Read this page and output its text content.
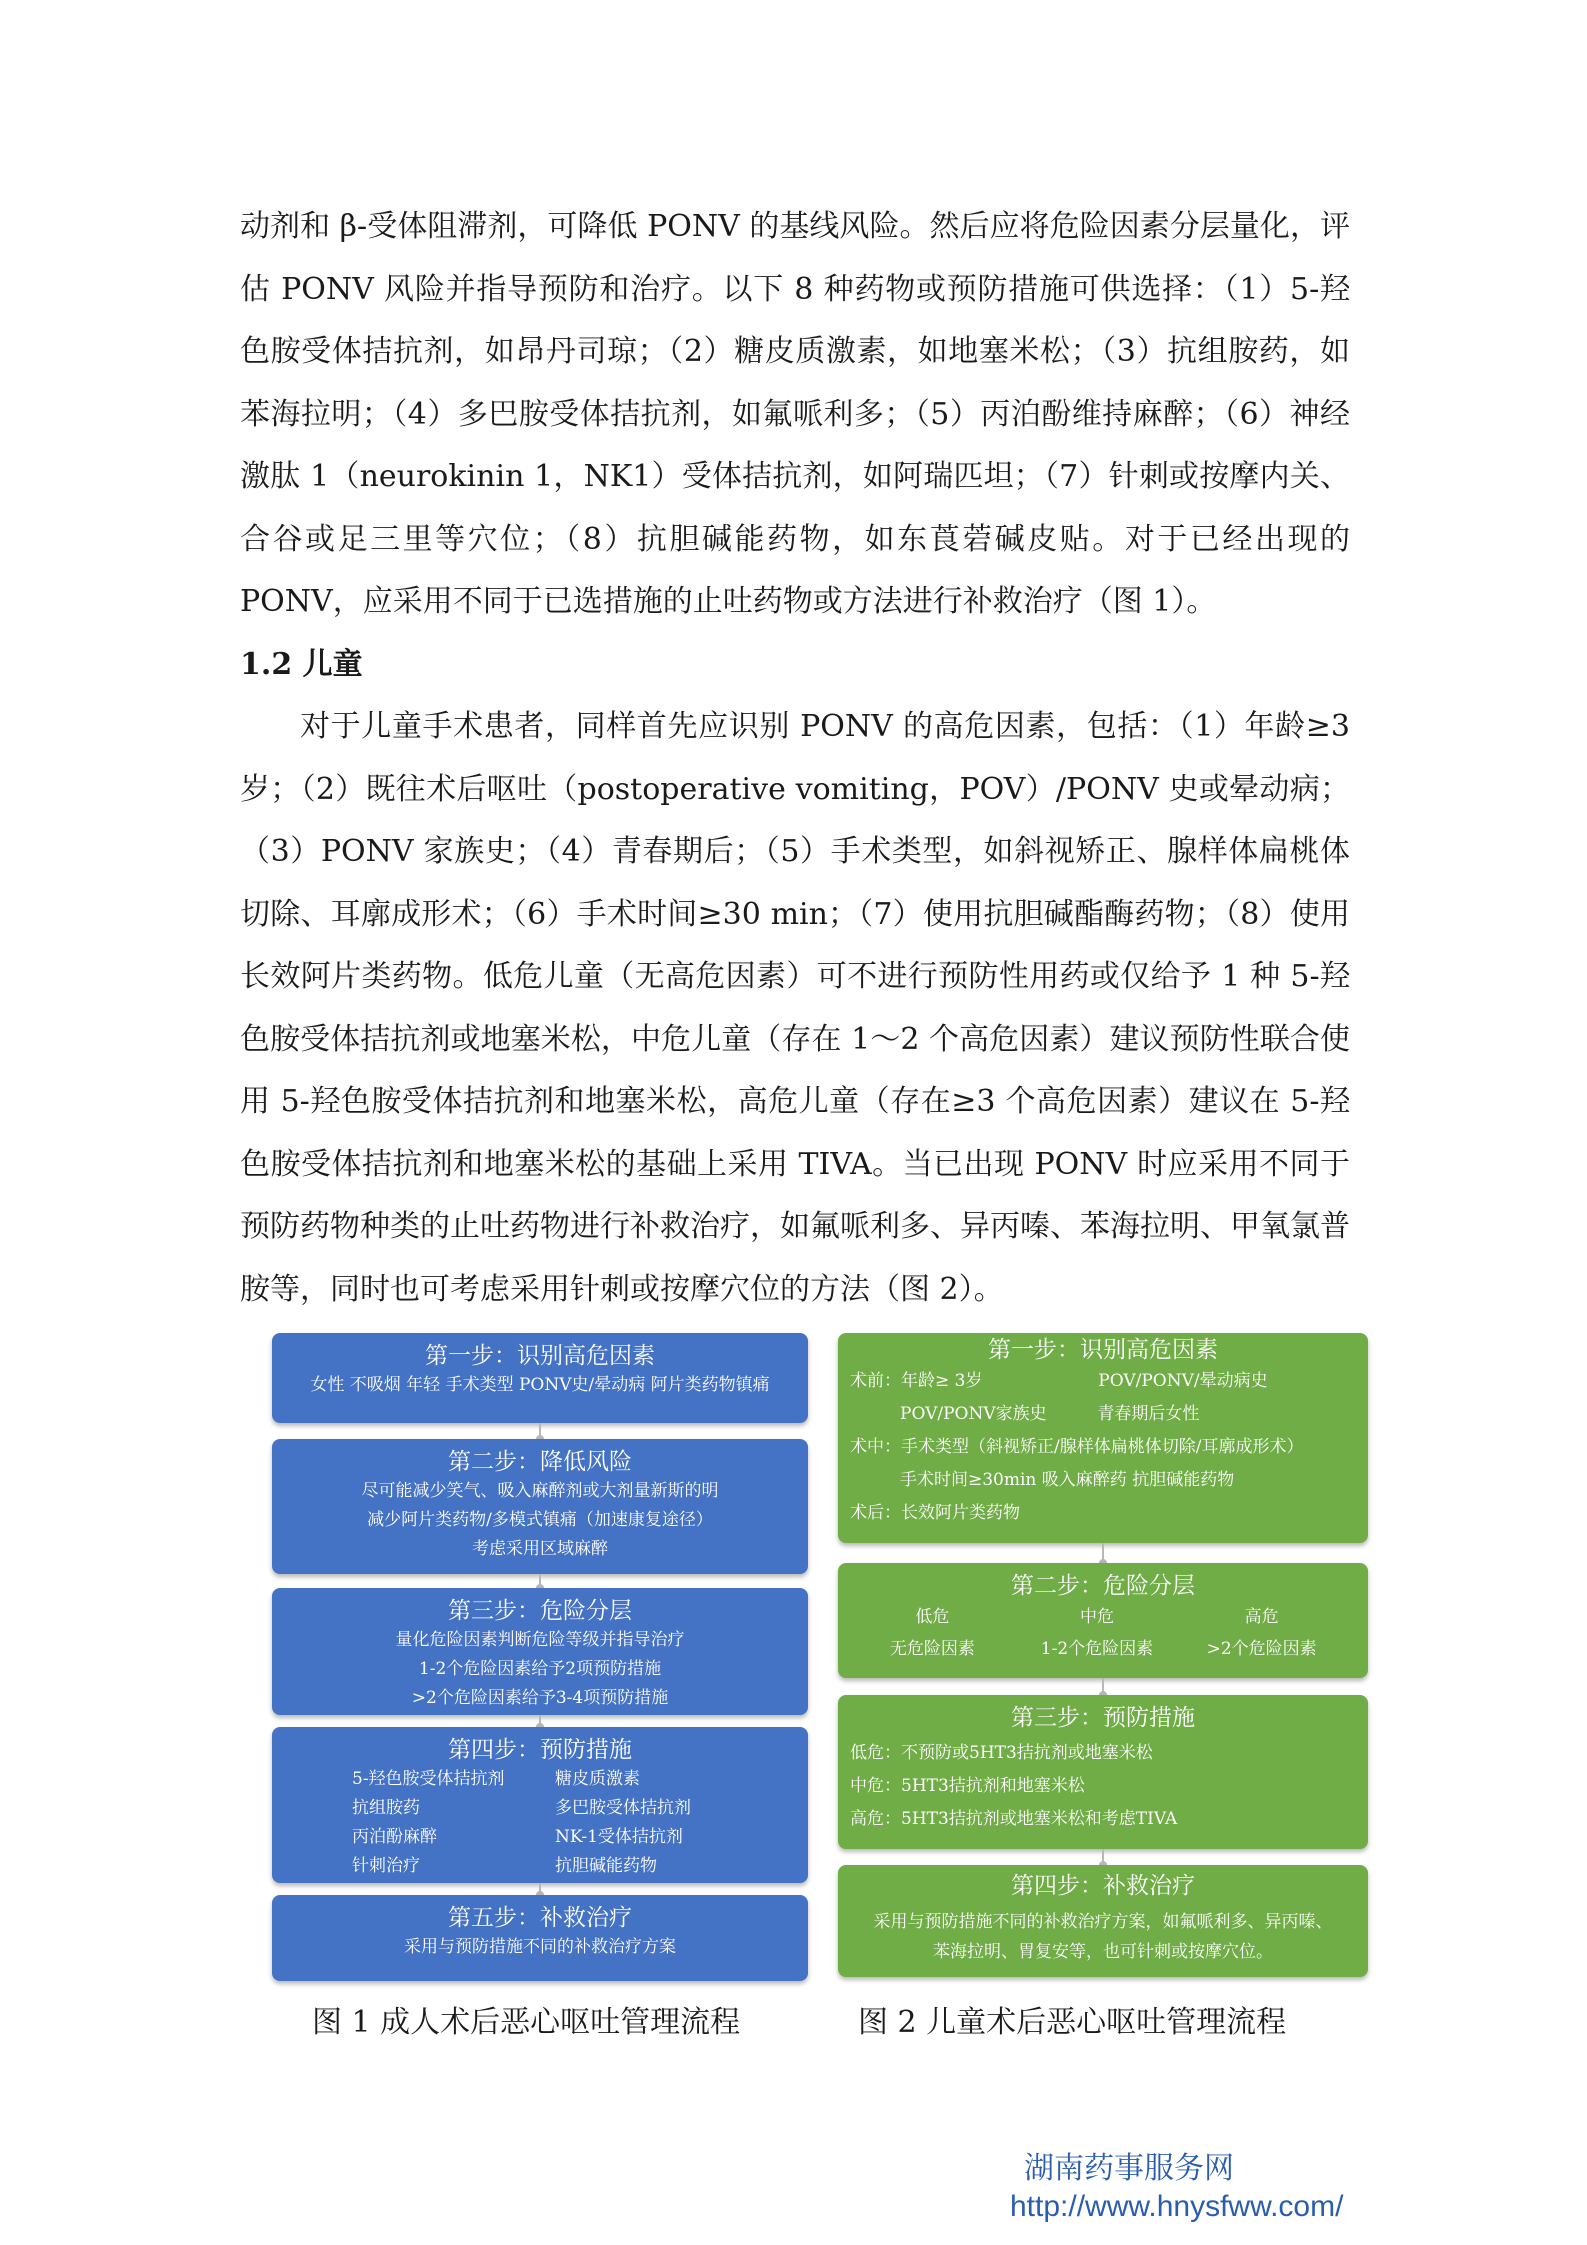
动剂和 β-受体阻滞剂，可降低 PONV 的基线风险。然后应将危险因素分层量化，评估 PONV 风险并指导预防和治疗。以下 8 种药物或预防措施可供选择：（1）5-羟色胺受体拮抗剂，如昂丹司琼；（2）糖皮质激素，如地塞米松；（3）抗组胺药，如苯海拉明；（4）多巴胺受体拮抗剂，如氟哌利多；（5）丙泊酚维持麻醉；（6）神经激肽 1（neurokinin 1，NK1）受体拮抗剂，如阿瑞匹坦；（7）针刺或按摩内关、合谷或足三里等穴位；（8）抗胆碱能药物，如东莨菪碱皮贴。对于已经出现的 PONV，应采用不同于已选措施的止吐药物或方法进行补救治疗（图 1）。

1.2 儿童

对于儿童手术患者，同样首先应识别 PONV 的高危因素，包括：（1）年龄≥3 岁；（2）既往术后呕吐（postoperative vomiting，POV）/PONV 史或晕动病；（3）PONV 家族史；（4）青春期后；（5）手术类型，如斜视矫正、腺样体扁桃体切除、耳廓成形术；（6）手术时间≥30 min；（7）使用抗胆碱酯酶药物；（8）使用长效阿片类药物。低危儿童（无高危因素）可不进行预防性用药或仅给予 1 种 5-羟色胺受体拮抗剂或地塞米松，中危儿童（存在 1～2 个高危因素）建议预防性联合使用 5-羟色胺受体拮抗剂和地塞米松，高危儿童（存在≥3 个高危因素）建议在 5-羟色胺受体拮抗剂和地塞米松的基础上采用 TIVA。当已出现 PONV 时应采用不同于预防药物种类的止吐药物进行补救治疗，如氟哌利多、异丙嗪、苯海拉明、甲氧氯普胺等，同时也可考虑采用针刺或按摩穴位的方法（图 2）。

第一步：识别高危因素
女性 不吸烟 年轻 手术类型 PONV史/晕动病 阿片类药物镇痛
第二步：降低风险
尽可能减少笑气、吸入麻醉剂或大剂量新斯的明
减少阿片类药物/多模式镇痛（加速康复途径）
考虑采用区域麻醉
第三步：危险分层
量化危险因素判断危险等级并指导治疗
1-2个危险因素给予2项预防措施
>2个危险因素给予3-4项预防措施
第四步：预防措施
5-羟色胺受体拮抗剂	糖皮质激素
抗组胺药	多巴胺受体拮抗剂
丙泊酚麻醉	NK-1受体拮抗剂
针刺治疗	抗胆碱能药物
第五步：补救治疗
采用与预防措施不同的补救治疗方案
第一步：识别高危因素
术前：年龄≥ 3岁	POV/PONV/晕动病史
POV/PONV家族史	青春期后女性
术中：手术类型（斜视矫正/腺样体扁桃体切除/耳廓成形术）
手术时间≥30min 吸入麻醉药 抗胆碱能药物
术后：长效阿片类药物
第二步：危险分层
低危	中危	高危
无危险因素	1-2个危险因素	>2个危险因素
第三步：预防措施
低危：不预防或5HT3拮抗剂或地塞米松
中危：5HT3拮抗剂和地塞米松
高危：5HT3拮抗剂或地塞米松和考虑TIVA
第四步：补救治疗
采用与预防措施不同的补救治疗方案，如氟哌利多、异丙嗪、
苯海拉明、胃复安等，也可针刺或按摩穴位。
图 1 成人术后恶心呕吐管理流程	图 2 儿童术后恶心呕吐管理流程
湖南药事服务网
http://www.hnysfww.com/
